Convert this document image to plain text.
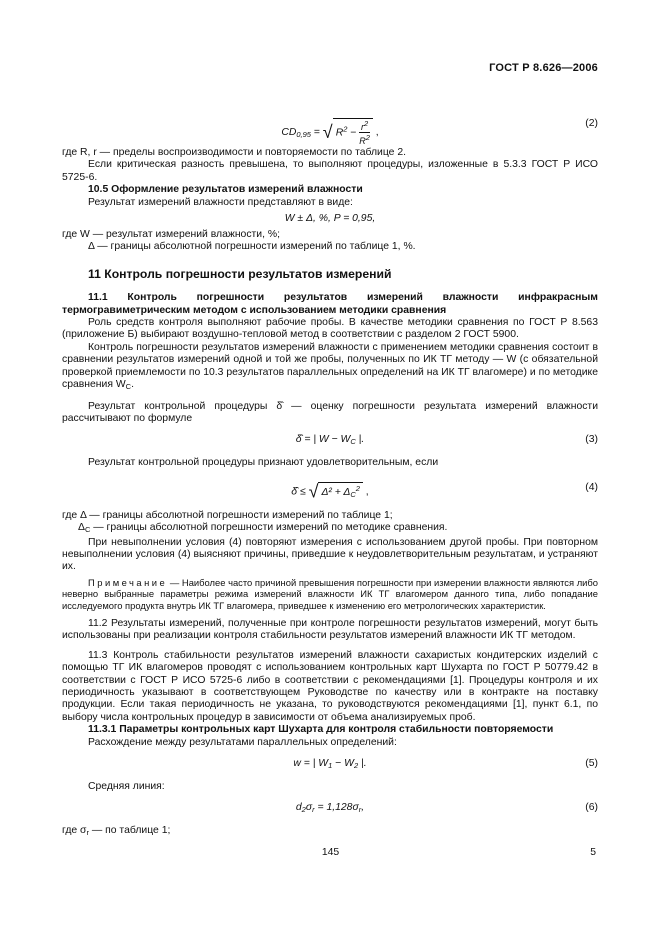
ГОСТ Р 8.626—2006
$CD_{0,95}$ = √ $R^2 - \frac{r^2}{R^2}$ ,
(2)

где R, r — пределы воспроизводимости и повторяемости по таблице 2.

Если критическая разность превышена, то выполняют процедуры, изложенные в 5.3.3 ГОСТ Р ИСО 5725-6.

10.5 Оформление результатов измерений влажности

Результат измерений влажности представляют в виде:

W ± Δ, %, P = 0,95,

где W — результат измерений влажности, %;

Δ — границы абсолютной погрешности измерений по таблице 1, %.

11 Контроль погрешности результатов измерений

11.1 Контроль погрешности результатов измерений влажности инфракрасным термогравиметрическим методом с использованием методики сравнения

Роль средств контроля выполняют рабочие пробы. В качестве методики сравнения по ГОСТ Р 8.563 (приложение Б) выбирают воздушно-тепловой метод в соответствии с разделом 2 ГОСТ 5900.

Контроль погрешности результатов измерений влажности с применением методики сравнения состоит в сравнении результатов измерений одной и той же пробы, полученных по ИК ТГ методу — W (с обязательной проверкой приемлемости по 10.3 результатов параллельных определений на ИК ТГ влагомере) и по методике сравнения $W_C$.

Результат контрольной процедуры δ̂ — оценку погрешности результата измерений влажности рассчитывают по формуле

δ̂ = | $W - W_C$ |.	(3)

Результат контрольной процедуры признают удовлетворительным, если

δ̂ ≤ √ $\Delta^2 + \Delta_C^2$ ,	(4)

где Δ — границы абсолютной погрешности измерений по таблице 1;

$\Delta_C$ — границы абсолютной погрешности измерений по методике сравнения.

При невыполнении условия (4) повторяют измерения с использованием другой пробы. При повторном невыполнении условия (4) выясняют причины, приведшие к неудовлетворительным результатам, и устраняют их.

Примечание — Наиболее часто причиной превышения погрешности при измерении влажности являются либо неверно выбранные параметры режима измерений влажности ИК ТГ влагомером данного типа, либо попадание исследуемого продукта внутрь ИК ТГ влагомера, приведшее к изменению его метрологических характеристик.

11.2 Результаты измерений, полученные при контроле погрешности результатов измерений, могут быть использованы при реализации контроля стабильности результатов измерений влажности ИК ТГ методом.

11.3 Контроль стабильности результатов измерений влажности сахаристых кондитерских изделий с помощью ТГ ИК влагомеров проводят с использованием контрольных карт Шухарта по ГОСТ Р 50779.42 в соответствии с ГОСТ Р ИСО 5725-6 либо в соответствии с рекомендациями [1]. Процедуры контроля и их периодичность указывают в соответствующем Руководстве по качеству или в контракте на поставку продукции. Если такая периодичность не указана, то руководствуются рекомендациями [1], пункт 6.1, по выбору числа контрольных процедур в зависимости от объема анализируемых проб.

11.3.1 Параметры контрольных карт Шухарта для контроля стабильности повторяемости

Расхождение между результатами параллельных определений:

w = | $W_1 - W_2$ |.	(5)

Средняя линия:

$d_2\sigma_r = 1,128\sigma_r$,	(6)

где $\sigma_r$ — по таблице 1;

145	5
